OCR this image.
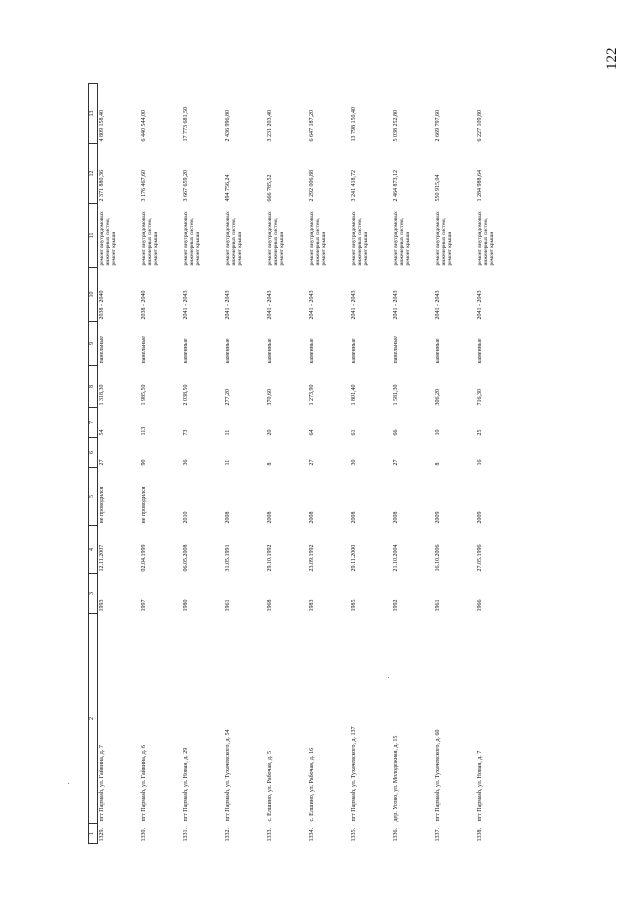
122
1	2	3	4	5	6	7	8	9	10	11	12	13
1329.	пгт Пармаsh, ул. Гайвина, д. 7	1993	12.11.2007	не проводился	27	54	1 318,30	панельные	2038 - 2040	ремонт внутридомовых инженерных систем, ремонт крыши	2 371 880,36	4 809 158,40
1330.	пгт Пармаsh, ул. Гайвина, д. 6	1997	02.04.1999	не проводился	90	113	1 985,50	панельные	2038 - 2040	ремонт внутридомовых инженерных систем, ремонт крыши	3 176 467,60	6 440 544,00
1331.	пгт Пармаsh, ул. Новая, д. 29	1980	06.05.2008	2010	36	73	2 038,50	каменные	2041 - 2043	ремонт внутридомовых инженерных систем, ремонт крыши	3 667 659,20	17 773 681,50
1332.	пгт Пармаsh, ул. Тухачевского, д. 54	1961	31.05.1991	2008	11	11	277,20	каменные	2041 - 2043	ремонт внутридомовых инженерных систем, ремонт крыши	494 756,24	2 436 996,80
1333.	с. Елшино, ул. Рабочая, д. 5	1968	29.10.1992	2008	8	20	370,60	каменные	2041 - 2043	ремонт внутридомовых инженерных систем, ремонт крыши	666 785,52	3 231 203,40
1334.	с. Елшино, ул. Рабочая, д. 16	1983	23.09.1992	2008	27	64	1 273,90	каменные	2041 - 2043	ремонт внутридомовых инженерных систем, ремонт крыши	2 292 006,88	6 647 187,20
1335.	пгт Пармаsh, ул. Тухачевского, д. 137	1985	29.11.2000	2008	30	61	1 801,40	каменные	2041 - 2043	ремонт внутридомовых инженерных систем, ремонт крыши	3 241 418,72	13 798 150,40
1336.	дер. Усово, ул. Молодежная, д. 15	1992	21.10.2004	2008	27	66	1 581,30	панельные	2041 - 2043	ремонт внутридомовых инженерных систем, ремонт крыши	2 464 873,12	5 038 252,80
1337.	пгт Пармаsh, ул. Тухачевского, д. 60	1961	16.10.2006	2009	8	10	306,20	каменные	2041 - 2043	ремонт внутридомовых инженерных систем, ремонт крыши	550 915,04	2 669 797,60
1338.	пгт Пармаsh, ул. Новая, д. 7	1966	27.05.1996	2009	16	25	716,30	каменные	2041 - 2043	ремонт внутридомовых инженерных систем, ремонт крыши	1 284 988,64	6 227 109,80
